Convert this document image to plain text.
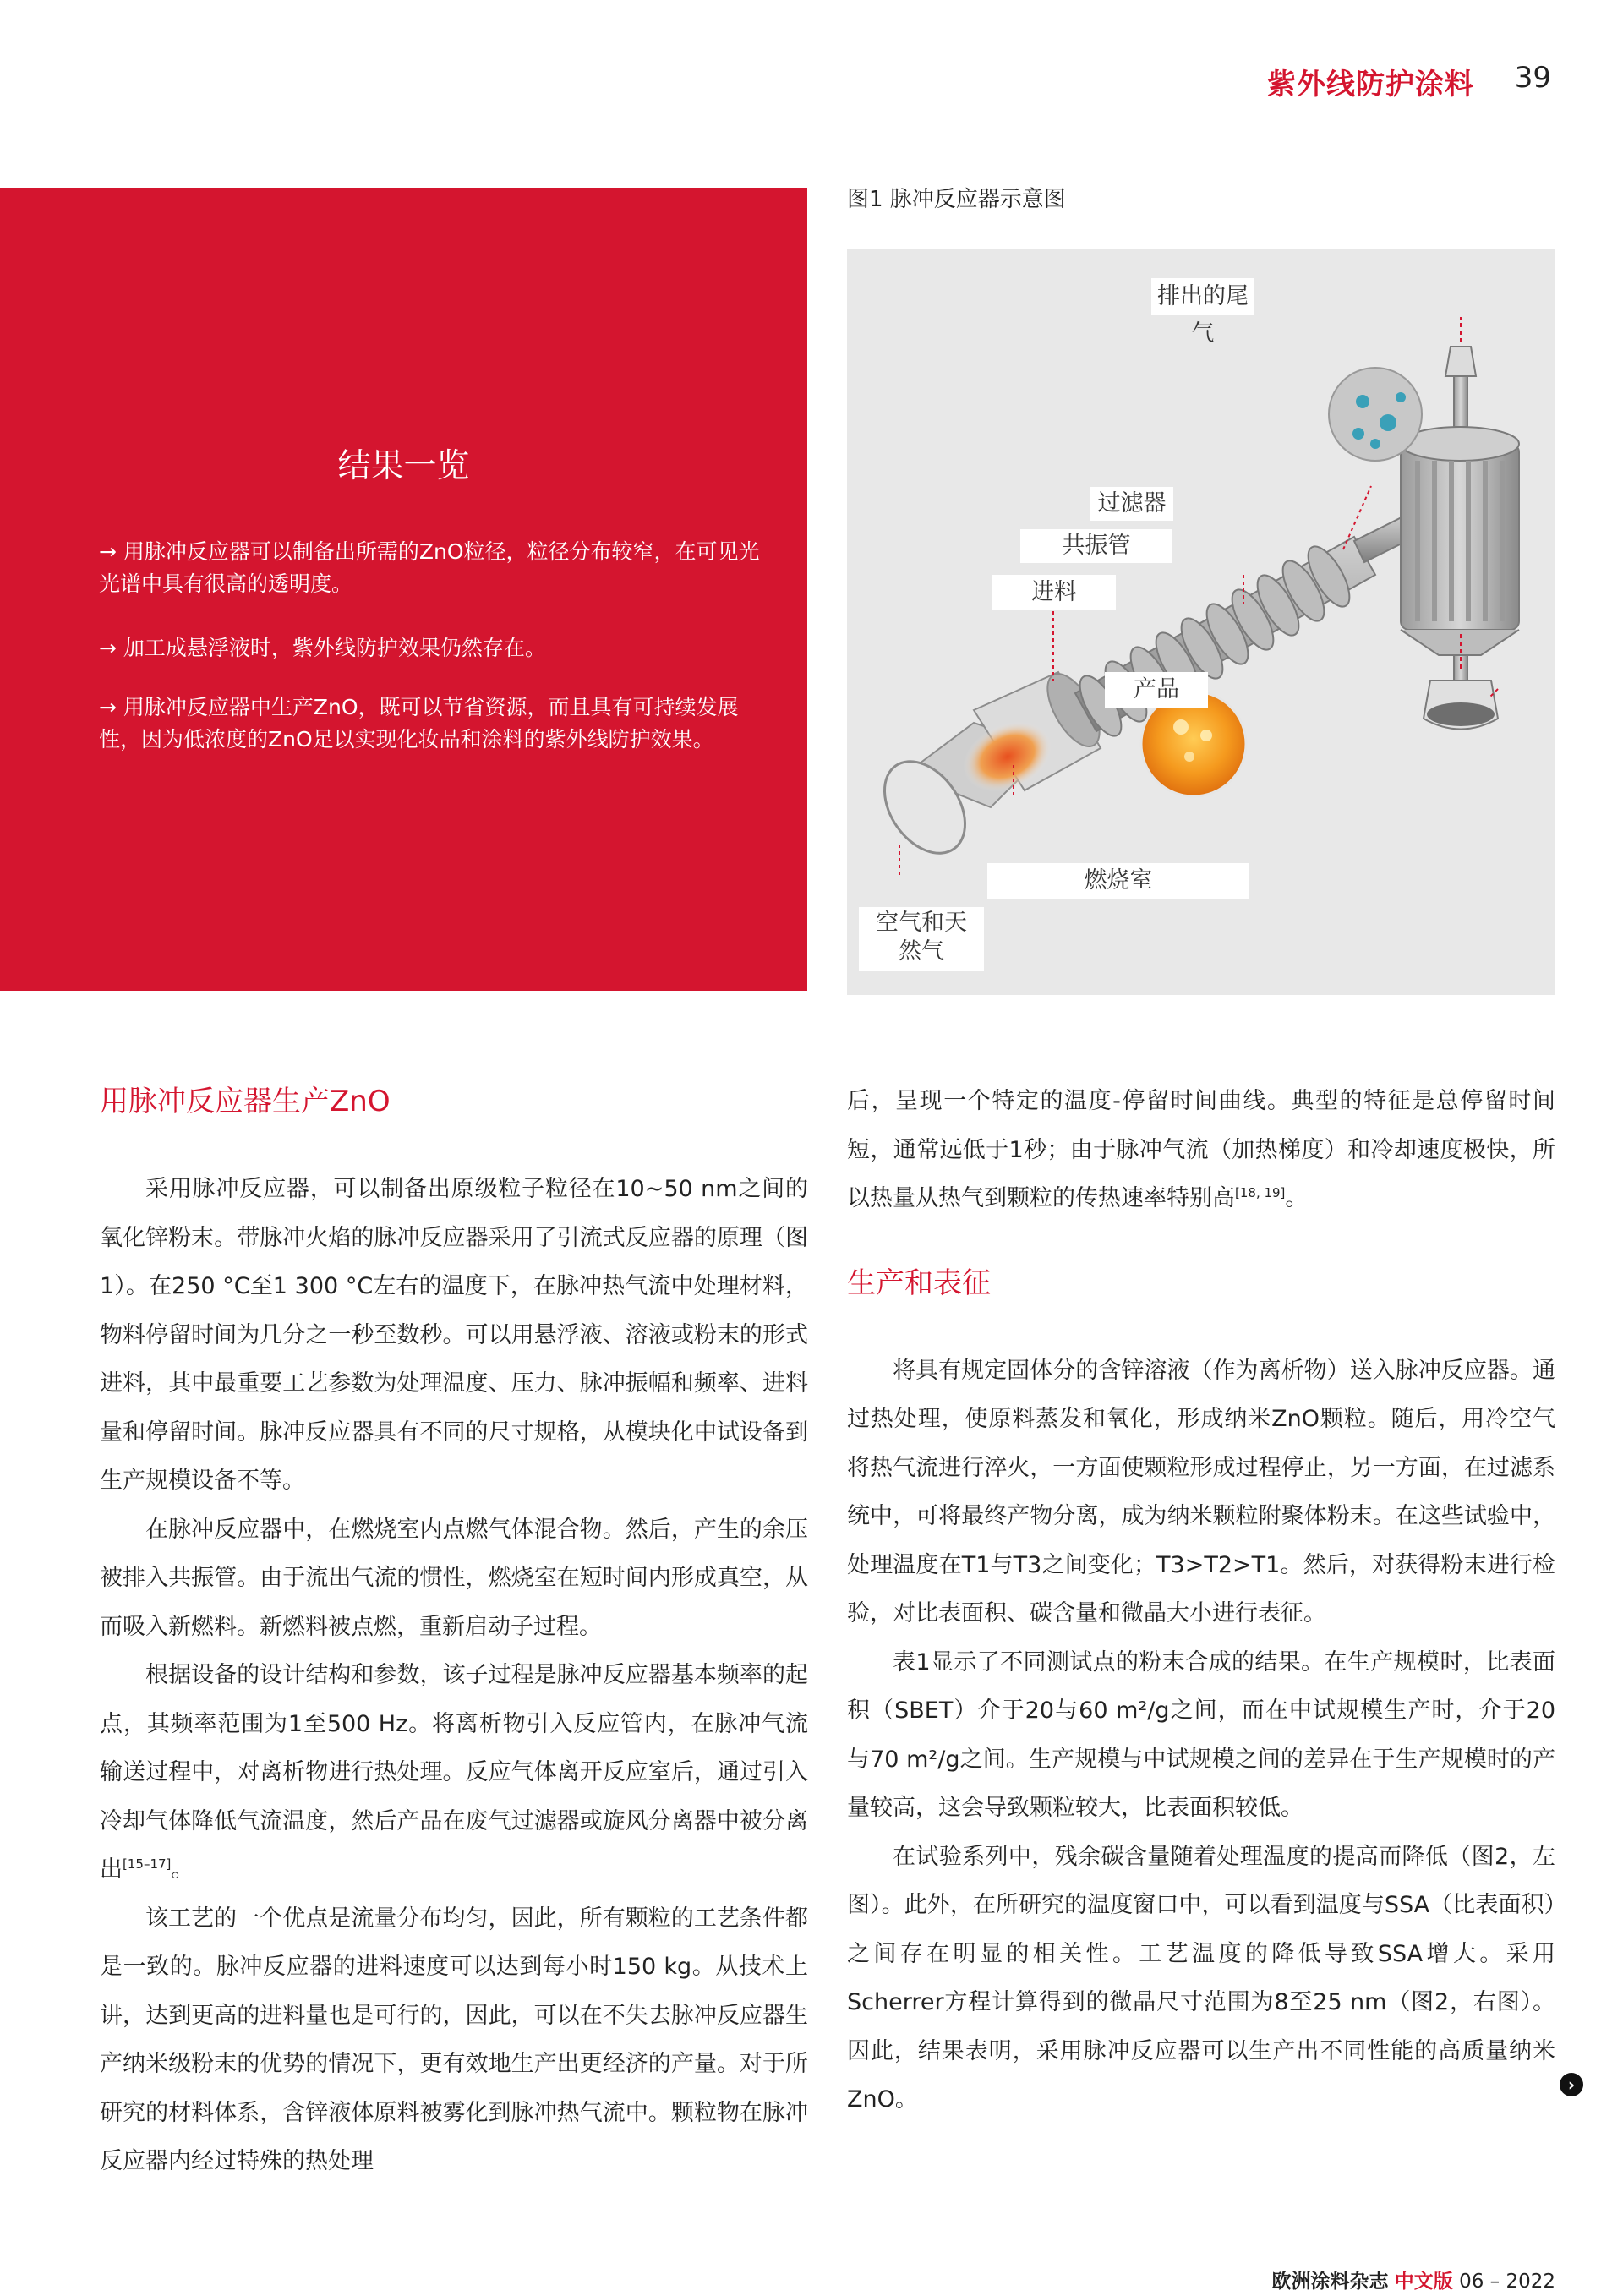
紫外线防护涂料 39
结果一览
→ 用脉冲反应器可以制备出所需的ZnO粒径，粒径分布较窄，在可见光光谱中具有很高的透明度。
→ 加工成悬浮液时，紫外线防护效果仍然存在。
→ 用脉冲反应器中生产ZnO，既可以节省资源，而且具有可持续发展性，因为低浓度的ZnO足以实现化妆品和涂料的紫外线防护效果。
图1 脉冲反应器示意图
排出的尾气
过滤器
共振管
进料
产品
燃烧室
空气和天
然气
用脉冲反应器生产ZnO

采用脉冲反应器，可以制备出原级粒子粒径在10~50 nm之间的氧化锌粉末。带脉冲火焰的脉冲反应器采用了引流式反应器的原理（图1）。在250 °C至1 300 °C左右的温度下，在脉冲热气流中处理材料，物料停留时间为几分之一秒至数秒。可以用悬浮液、溶液或粉末的形式进料，其中最重要工艺参数为处理温度、压力、脉冲振幅和频率、进料量和停留时间。脉冲反应器具有不同的尺寸规格，从模块化中试设备到生产规模设备不等。

在脉冲反应器中，在燃烧室内点燃气体混合物。然后，产生的余压被排入共振管。由于流出气流的惯性，燃烧室在短时间内形成真空，从而吸入新燃料。新燃料被点燃，重新启动子过程。

根据设备的设计结构和参数，该子过程是脉冲反应器基本频率的起点，其频率范围为1至500 Hz。将离析物引入反应管内，在脉冲气流输送过程中，对离析物进行热处理。反应气体离开反应室后，通过引入冷却气体降低气流温度，然后产品在废气过滤器或旋风分离器中被分离出[15–17]。

该工艺的一个优点是流量分布均匀，因此，所有颗粒的工艺条件都是一致的。脉冲反应器的进料速度可以达到每小时150 kg。从技术上讲，达到更高的进料量也是可行的，因此，可以在不失去脉冲反应器生产纳米级粉末的优势的情况下，更有效地生产出更经济的产量。对于所研究的材料体系，含锌液体原料被雾化到脉冲热气流中。颗粒物在脉冲反应器内经过特殊的热处理

后，呈现一个特定的温度-停留时间曲线。典型的特征是总停留时间短，通常远低于1秒；由于脉冲气流（加热梯度）和冷却速度极快，所以热量从热气到颗粒的传热速率特别高[18, 19]。

生产和表征

将具有规定固体分的含锌溶液（作为离析物）送入脉冲反应器。通过热处理，使原料蒸发和氧化，形成纳米ZnO颗粒。随后，用冷空气将热气流进行淬火，一方面使颗粒形成过程停止，另一方面，在过滤系统中，可将最终产物分离，成为纳米颗粒附聚体粉末。在这些试验中，处理温度在T1与T3之间变化；T3>T2>T1。然后，对获得粉末进行检验，对比表面积、碳含量和微晶大小进行表征。

表1显示了不同测试点的粉末合成的结果。在生产规模时，比表面积（SBET）介于20与60 m²/g之间，而在中试规模生产时，介于20与70 m²/g之间。生产规模与中试规模之间的差异在于生产规模时的产量较高，这会导致颗粒较大，比表面积较低。

在试验系列中，残余碳含量随着处理温度的提高而降低（图2，左图）。此外，在所研究的温度窗口中，可以看到温度与SSA（比表面积）之间存在明显的相关性。工艺温度的降低导致SSA增大。采用Scherrer方程计算得到的微晶尺寸范围为8至25 nm（图2，右图）。因此，结果表明，采用脉冲反应器可以生产出不同性能的高质量纳米ZnO。

›
欧洲涂料杂志 中文版 06 – 2022
